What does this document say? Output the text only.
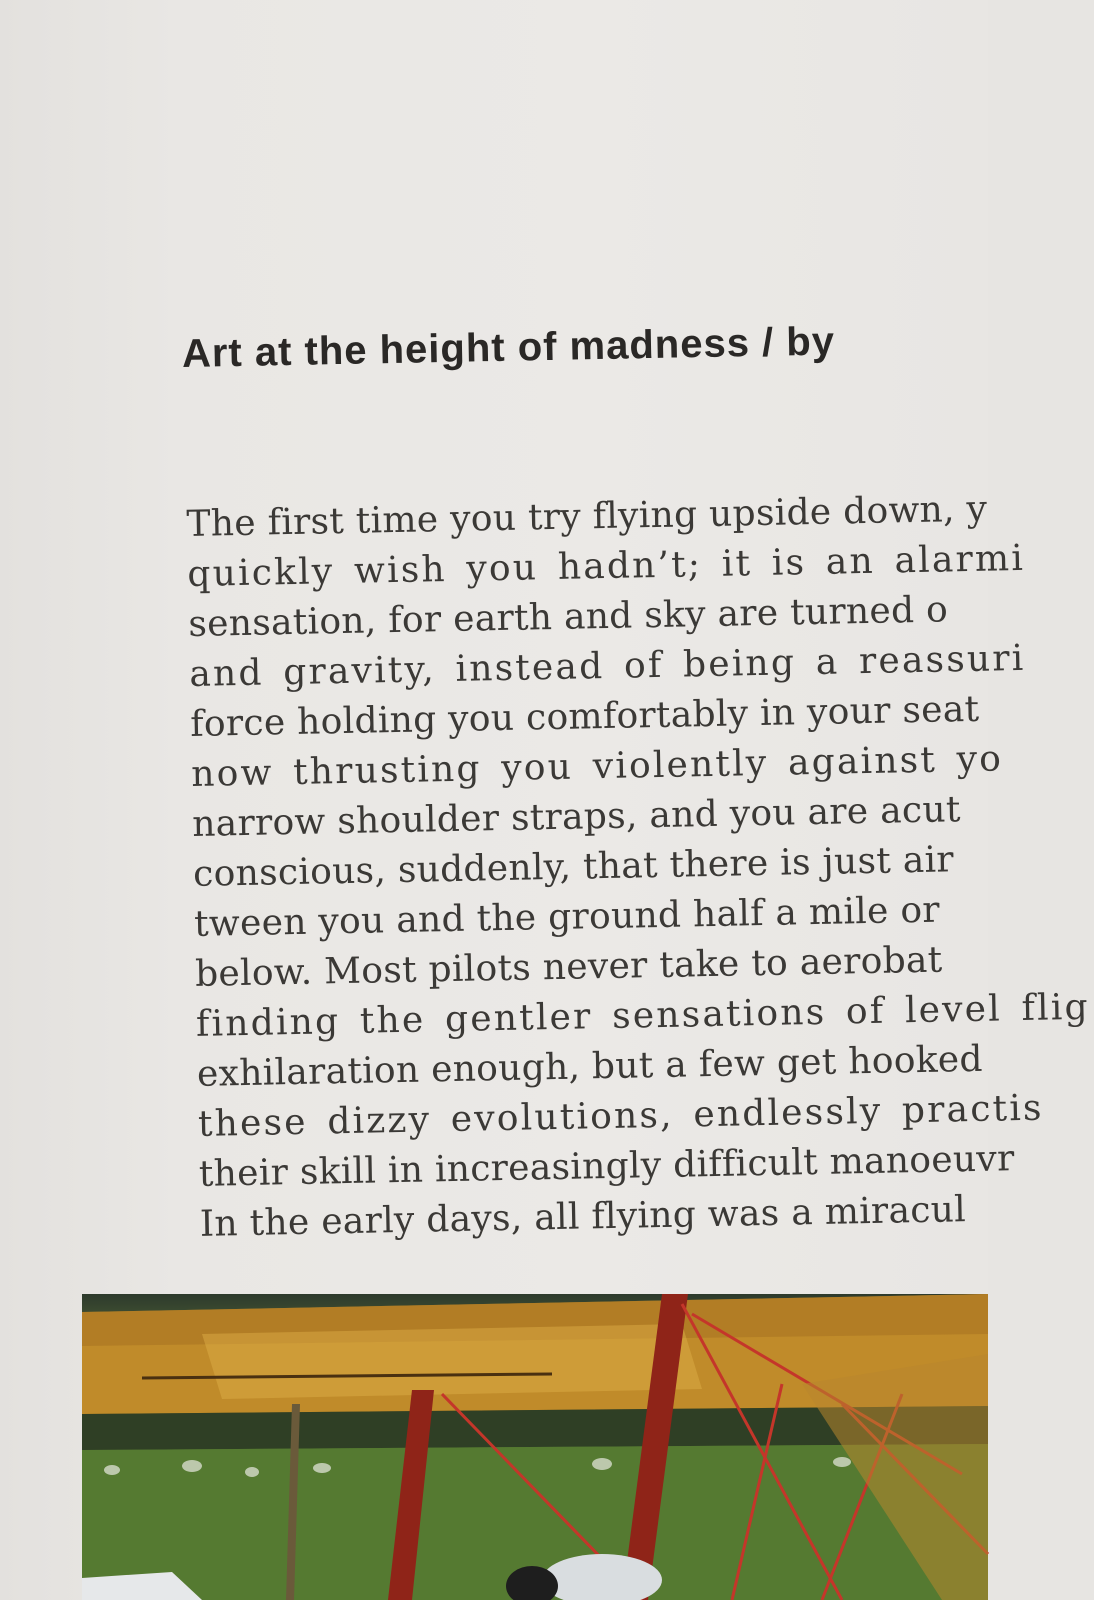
Art at the height of madness / by
The first time you try flying upside down, y
quickly wish you hadn’t; it is an alarmi
sensation, for earth and sky are turned o
and gravity, instead of being a reassuri
force holding you comfortably in your seat
now thrusting you violently against yo
narrow shoulder straps, and you are acut
conscious, suddenly, that there is just air
tween you and the ground half a mile or
below. Most pilots never take to aerobat
finding the gentler sensations of level flig
exhilaration enough, but a few get hooked
these dizzy evolutions, endlessly practis
their skill in increasingly difficult manoeuvr
In the early days, all flying was a miracul
